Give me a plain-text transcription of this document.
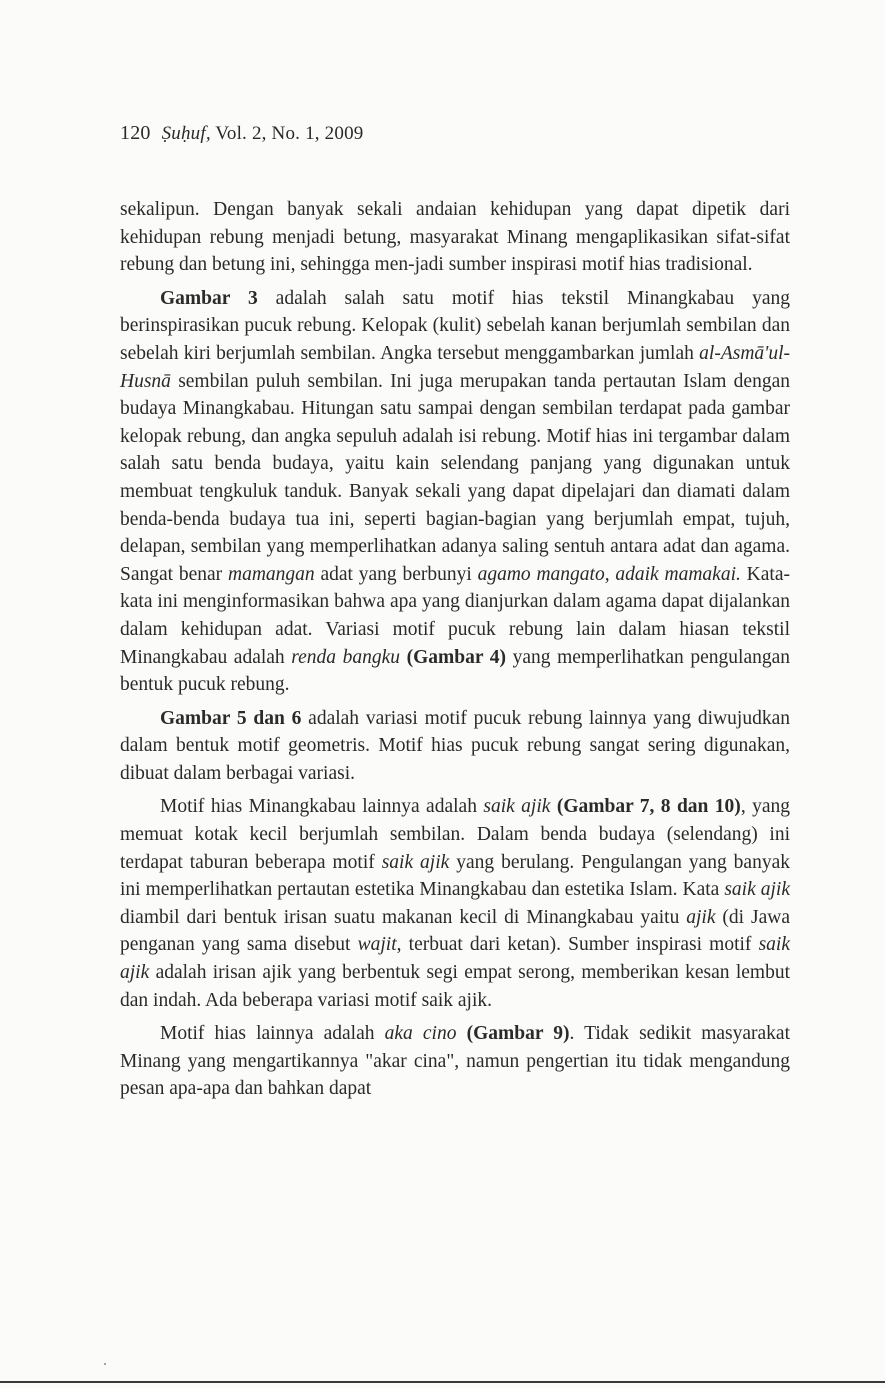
120 Ṣuḥuf, Vol. 2, No. 1, 2009

sekalipun. Dengan banyak sekali andaian kehidupan yang dapat dipetik dari kehidupan rebung menjadi betung, masyarakat Minang mengaplikasikan sifat-sifat rebung dan betung ini, sehingga men-jadi sumber inspirasi motif hias tradisional.

Gambar 3 adalah salah satu motif hias tekstil Minangkabau yang berinspirasikan pucuk rebung. Kelopak (kulit) sebelah kanan berjumlah sembilan dan sebelah kiri berjumlah sembilan. Angka tersebut menggambarkan jumlah al-Asmā'ul-Husnā sembilan puluh sembilan. Ini juga merupakan tanda pertautan Islam dengan budaya Minangkabau. Hitungan satu sampai dengan sembilan terdapat pada gambar kelopak rebung, dan angka sepuluh adalah isi rebung. Motif hias ini tergambar dalam salah satu benda budaya, yaitu kain selendang panjang yang digunakan untuk membuat tengkuluk tanduk. Banyak sekali yang dapat dipelajari dan diamati dalam benda-benda budaya tua ini, seperti bagian-bagian yang berjumlah empat, tujuh, delapan, sembilan yang memperlihatkan adanya saling sentuh antara adat dan agama. Sangat benar mamangan adat yang berbunyi agamo mangato, adaik mamakai. Kata-kata ini menginformasikan bahwa apa yang dianjurkan dalam agama dapat dijalankan dalam kehidupan adat. Variasi motif pucuk rebung lain dalam hiasan tekstil Minangkabau adalah renda bangku (Gambar 4) yang memperlihatkan pengulangan bentuk pucuk rebung.

Gambar 5 dan 6 adalah variasi motif pucuk rebung lainnya yang diwujudkan dalam bentuk motif geometris. Motif hias pucuk rebung sangat sering digunakan, dibuat dalam berbagai variasi.

Motif hias Minangkabau lainnya adalah saik ajik (Gambar 7, 8 dan 10), yang memuat kotak kecil berjumlah sembilan. Dalam benda budaya (selendang) ini terdapat taburan beberapa motif saik ajik yang berulang. Pengulangan yang banyak ini memperlihatkan pertautan estetika Minangkabau dan estetika Islam. Kata saik ajik diambil dari bentuk irisan suatu makanan kecil di Minangkabau yaitu ajik (di Jawa penganan yang sama disebut wajit, terbuat dari ketan). Sumber inspirasi motif saik ajik adalah irisan ajik yang berbentuk segi empat serong, memberikan kesan lembut dan indah. Ada beberapa variasi motif saik ajik.

Motif hias lainnya adalah aka cino (Gambar 9). Tidak sedikit masyarakat Minang yang mengartikannya "akar cina", namun pengertian itu tidak mengandung pesan apa-apa dan bahkan dapat
